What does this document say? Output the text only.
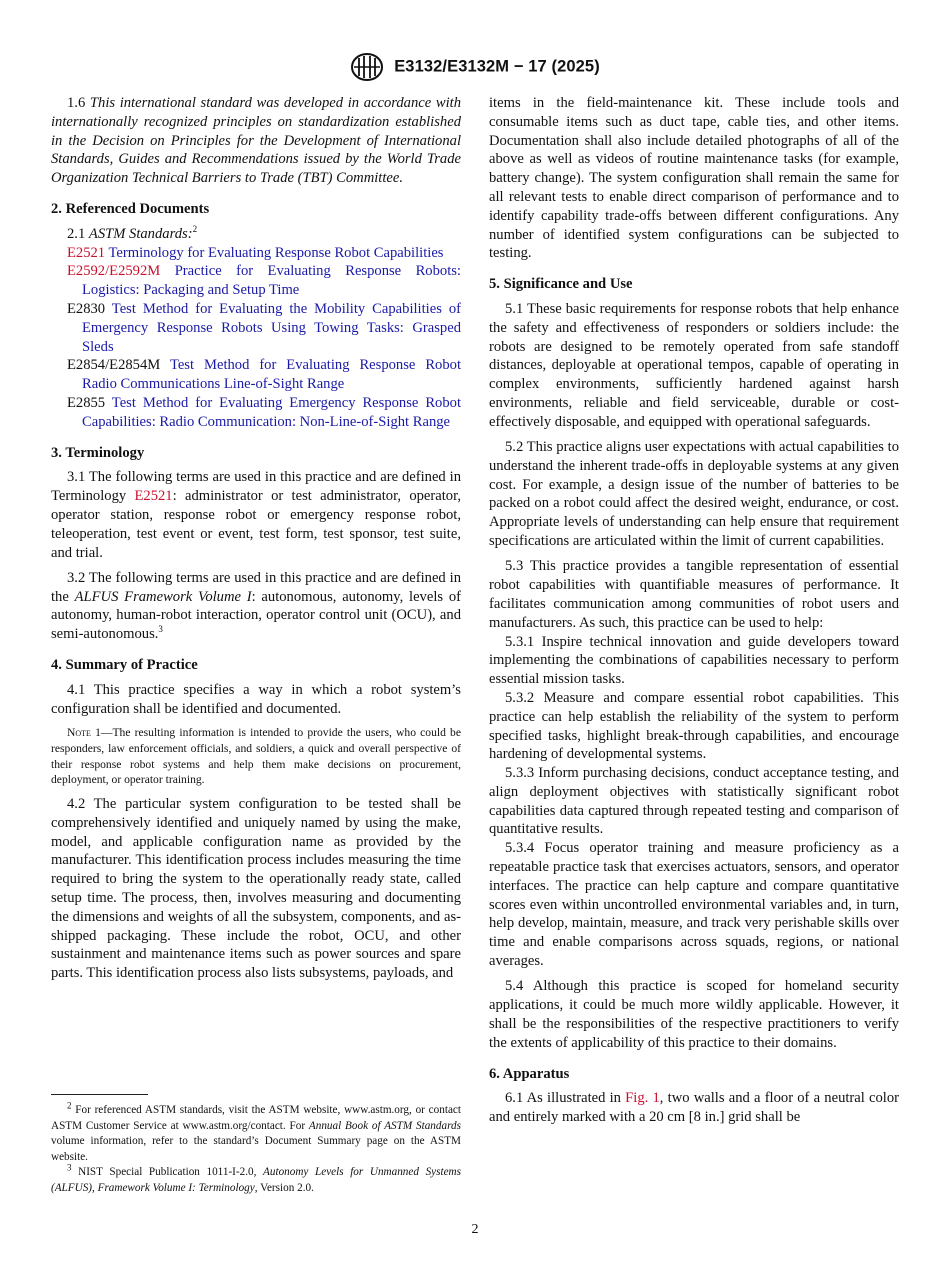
E3132/E3132M − 17 (2025)

1.6 This international standard was developed in accordance with internationally recognized principles on standardization established in the Decision on Principles for the Development of International Standards, Guides and Recommendations issued by the World Trade Organization Technical Barriers to Trade (TBT) Committee.

2. Referenced Documents

2.1 ASTM Standards:$^2$

E2521 Terminology for Evaluating Response Robot Capabilities
E2592/E2592M Practice for Evaluating Response Robots: Logistics: Packaging and Setup Time
E2830 Test Method for Evaluating the Mobility Capabilities of Emergency Response Robots Using Towing Tasks: Grasped Sleds
E2854/E2854M Test Method for Evaluating Response Robot Radio Communications Line-of-Sight Range
E2855 Test Method for Evaluating Emergency Response Robot Capabilities: Radio Communication: Non-Line-of-Sight Range
3. Terminology

3.1 The following terms are used in this practice and are defined in Terminology E2521: administrator or test administrator, operator, operator station, response robot or emergency response robot, teleoperation, test event or event, test form, test sponsor, test suite, and trial.

3.2 The following terms are used in this practice and are defined in the ALFUS Framework Volume I: autonomous, autonomy, levels of autonomy, human-robot interaction, operator control unit (OCU), and semi-autonomous.$^3$

4. Summary of Practice

4.1 This practice specifies a way in which a robot system’s configuration shall be identified and documented.

Note 1—The resulting information is intended to provide the users, who could be responders, law enforcement officials, and soldiers, a quick and overall perspective of their response robot systems and help them make decisions on procurement, deployment, or operator training.

4.2 The particular system configuration to be tested shall be comprehensively identified and uniquely named by using the make, model, and applicable configuration name as provided by the manufacturer. This identification process includes measuring the time required to bring the system to the operationally ready state, called setup time. The process, then, involves measuring and documenting the dimensions and weights of all the subsystem, components, and as-shipped packaging. These include the robot, OCU, and other sustainment and maintenance items such as power sources and spare parts. This identification process also lists subsystems, payloads, and

$^2$ For referenced ASTM standards, visit the ASTM website, www.astm.org, or contact ASTM Customer Service at www.astm.org/contact. For Annual Book of ASTM Standards volume information, refer to the standard’s Document Summary page on the ASTM website.

$^3$ NIST Special Publication 1011-I-2.0, Autonomy Levels for Unmanned Systems (ALFUS), Framework Volume I: Terminology, Version 2.0.

items in the field-maintenance kit. These include tools and consumable items such as duct tape, cable ties, and other items. Documentation shall also include detailed photographs of all of the above as well as videos of routine maintenance tasks (for example, battery change). The system configuration shall remain the same for all relevant tests to enable direct comparison of performance and to identify capability trade-offs between different configurations. Any number of identified system configurations can be subjected to testing.

5. Significance and Use

5.1 These basic requirements for response robots that help enhance the safety and effectiveness of responders or soldiers include: the robots are designed to be remotely operated from safe standoff distances, deployable at operational tempos, capable of operating in complex environments, sufficiently hardened against harsh environments, reliable and field serviceable, durable or cost-effectively disposable, and equipped with operational safeguards.

5.2 This practice aligns user expectations with actual capabilities to understand the inherent trade-offs in deployable systems at any given cost. For example, a design issue of the number of batteries to be packed on a robot could affect the desired weight, endurance, or cost. Appropriate levels of understanding can help ensure that requirement specifications are articulated within the limit of current capabilities.

5.3 This practice provides a tangible representation of essential robot capabilities with quantifiable measures of performance. It facilitates communication among communities of robot users and manufacturers. As such, this practice can be used to help:

5.3.1 Inspire technical innovation and guide developers toward implementing the combinations of capabilities necessary to perform essential mission tasks.

5.3.2 Measure and compare essential robot capabilities. This practice can help establish the reliability of the system to perform specified tasks, highlight break-through capabilities, and encourage hardening of developmental systems.

5.3.3 Inform purchasing decisions, conduct acceptance testing, and align deployment objectives with statistically significant robot capabilities data captured through repeated testing and comparison of quantitative results.

5.3.4 Focus operator training and measure proficiency as a repeatable practice task that exercises actuators, sensors, and operator interfaces. The practice can help capture and compare quantitative scores even within uncontrolled environmental variables and, in turn, help develop, maintain, measure, and track very perishable skills over time and enable comparisons across squads, regions, or national averages.

5.4 Although this practice is scoped for homeland security applications, it could be much more wildly applicable. However, it shall be the responsibilities of the respective practitioners to verify the extents of applicability of this practice to their domains.

6. Apparatus

6.1 As illustrated in Fig. 1, two walls and a floor of a neutral color and entirely marked with a 20 cm [8 in.] grid shall be

2
